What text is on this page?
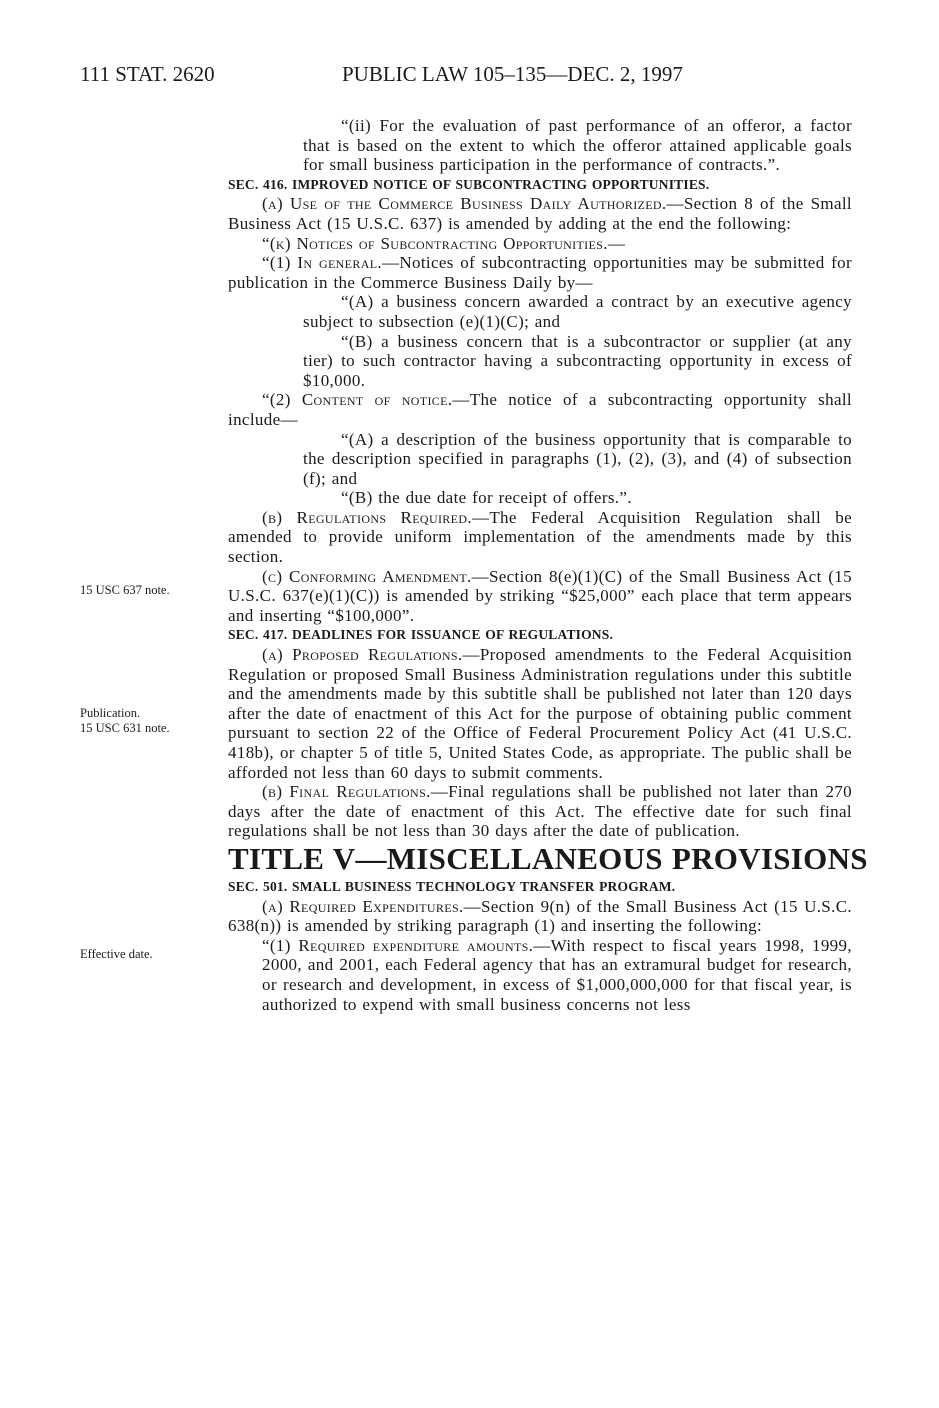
111 STAT. 2620	PUBLIC LAW 105–135—DEC. 2, 1997
15 USC 637 note.
Publication.
15 USC 631 note.
Effective date.

“(ii) For the evaluation of past performance of an offeror, a factor that is based on the extent to which the offeror attained applicable goals for small business participation in the performance of contracts.”.

SEC. 416. IMPROVED NOTICE OF SUBCONTRACTING OPPORTUNITIES.

(a) Use of the Commerce Business Daily Authorized.—Section 8 of the Small Business Act (15 U.S.C. 637) is amended by adding at the end the following:

“(k) Notices of Subcontracting Opportunities.—

“(1) In general.—Notices of subcontracting opportunities may be submitted for publication in the Commerce Business Daily by—

“(A) a business concern awarded a contract by an executive agency subject to subsection (e)(1)(C); and

“(B) a business concern that is a subcontractor or supplier (at any tier) to such contractor having a subcontracting opportunity in excess of $10,000.

“(2) Content of notice.—The notice of a subcontracting opportunity shall include—

“(A) a description of the business opportunity that is comparable to the description specified in paragraphs (1), (2), (3), and (4) of subsection (f); and

“(B) the due date for receipt of offers.”.

(b) Regulations Required.—The Federal Acquisition Regulation shall be amended to provide uniform implementation of the amendments made by this section.

(c) Conforming Amendment.—Section 8(e)(1)(C) of the Small Business Act (15 U.S.C. 637(e)(1)(C)) is amended by striking “$25,000” each place that term appears and inserting “$100,000”.

SEC. 417. DEADLINES FOR ISSUANCE OF REGULATIONS.

(a) Proposed Regulations.—Proposed amendments to the Federal Acquisition Regulation or proposed Small Business Administration regulations under this subtitle and the amendments made by this subtitle shall be published not later than 120 days after the date of enactment of this Act for the purpose of obtaining public comment pursuant to section 22 of the Office of Federal Procurement Policy Act (41 U.S.C. 418b), or chapter 5 of title 5, United States Code, as appropriate. The public shall be afforded not less than 60 days to submit comments.

(b) Final Regulations.—Final regulations shall be published not later than 270 days after the date of enactment of this Act. The effective date for such final regulations shall be not less than 30 days after the date of publication.

TITLE V—MISCELLANEOUS PROVISIONS

SEC. 501. SMALL BUSINESS TECHNOLOGY TRANSFER PROGRAM.

(a) Required Expenditures.—Section 9(n) of the Small Business Act (15 U.S.C. 638(n)) is amended by striking paragraph (1) and inserting the following:

“(1) Required expenditure amounts.—With respect to fiscal years 1998, 1999, 2000, and 2001, each Federal agency that has an extramural budget for research, or research and development, in excess of $1,000,000,000 for that fiscal year, is authorized to expend with small business concerns not less
